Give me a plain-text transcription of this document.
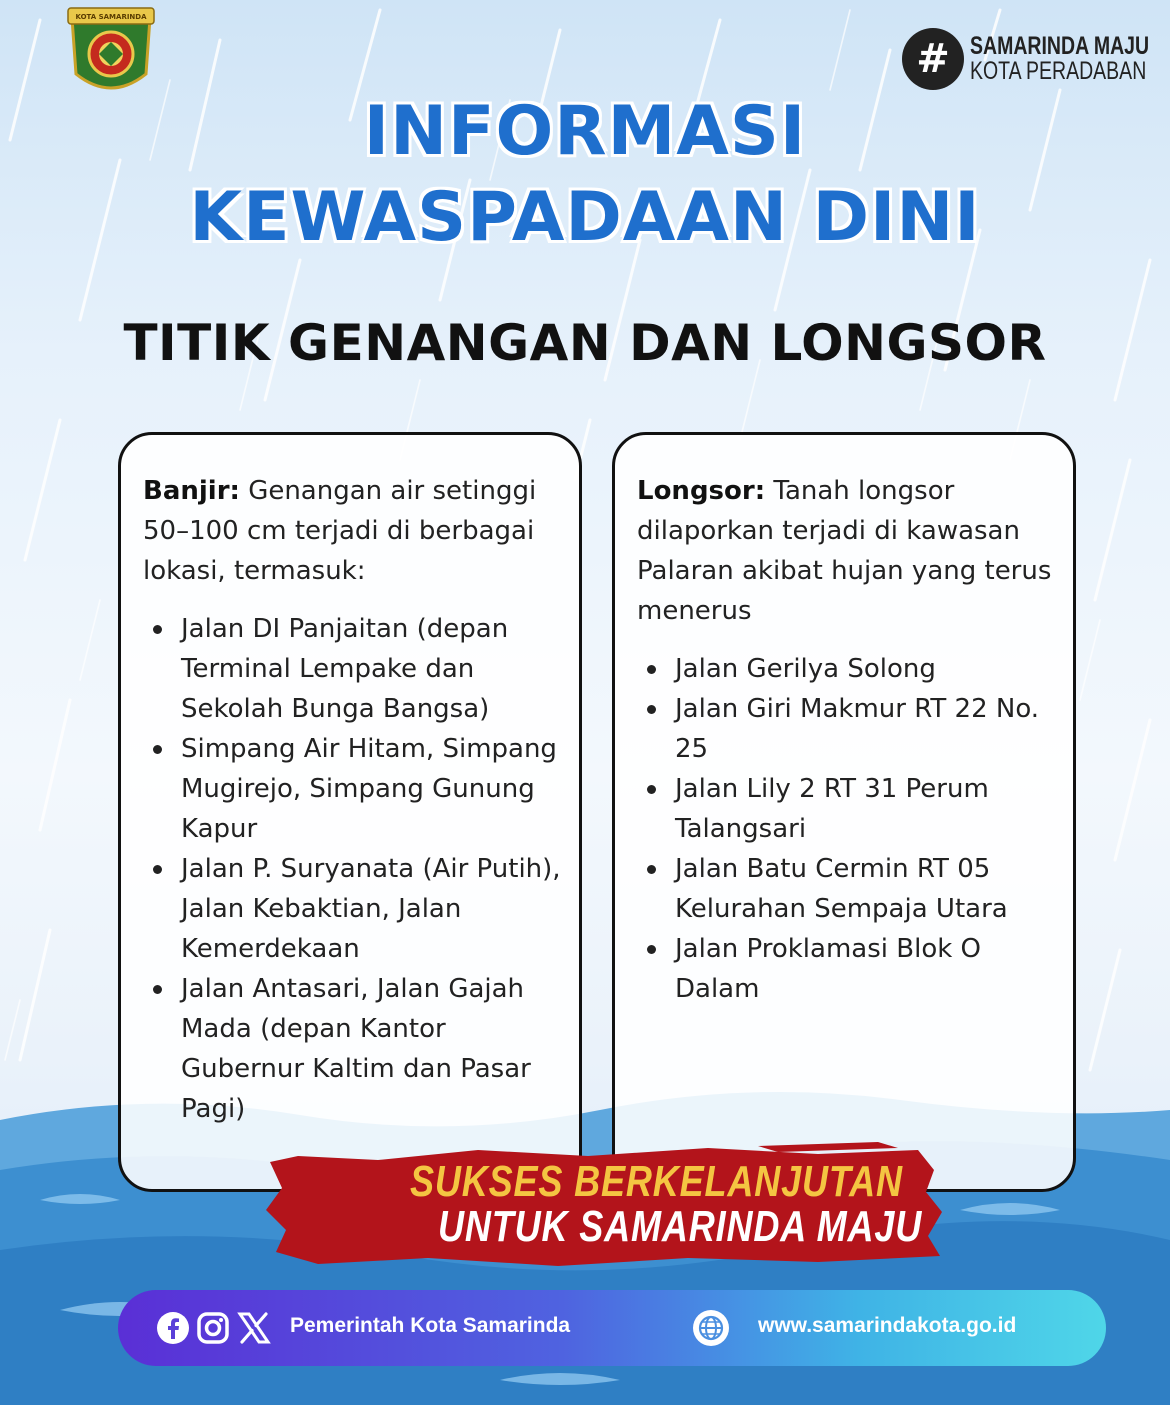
KOTA SAMARINDA
# SAMARINDA MAJU
KOTA PERADABAN
INFORMASI
KEWASPADAAN DINI
TITIK GENANGAN DAN LONGSOR

Banjir: Genangan air setinggi 50–100 cm terjadi di berbagai lokasi, termasuk:

Jalan DI Panjaitan (depan Terminal Lempake dan Sekolah Bunga Bangsa)
Simpang Air Hitam, Simpang Mugirejo, Simpang Gunung Kapur
Jalan P. Suryanata (Air Putih), Jalan Kebaktian, Jalan Kemerdekaan
Jalan Antasari, Jalan Gajah Mada (depan Kantor Gubernur Kaltim dan Pasar Pagi)

Longsor: Tanah longsor dilaporkan terjadi di kawasan Palaran akibat hujan yang terus menerus

Jalan Gerilya Solong
Jalan Giri Makmur RT 22 No. 25
Jalan Lily 2 RT 31 Perum Talangsari
Jalan Batu Cermin RT 05 Kelurahan Sempaja Utara
Jalan Proklamasi Blok O Dalam
SUKSES BERKELANJUTAN
UNTUK SAMARINDA MAJU
Pemerintah Kota Samarinda	www.samarindakota.go.id
